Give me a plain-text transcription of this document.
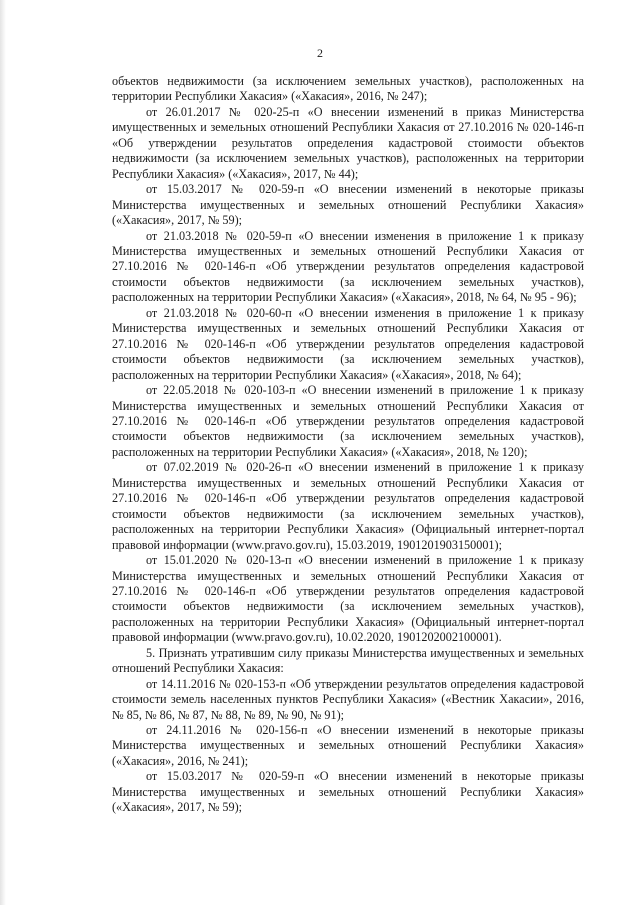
2

объектов недвижимости (за исключением земельных участков), расположенных на территории Республики Хакасия» («Хакасия», 2016, № 247);

от 26.01.2017 № 020-25-п «О внесении изменений в приказ Министерства имущественных и земельных отношений Республики Хакасия от 27.10.2016 № 020-146-п «Об утверждении результатов определения кадастровой стоимости объектов недвижимости (за исключением земельных участков), расположенных на территории Республики Хакасия» («Хакасия», 2017, № 44);

от 15.03.2017 № 020-59-п «О внесении изменений в некоторые приказы Министерства имущественных и земельных отношений Республики Хакасия» («Хакасия», 2017, № 59);

от 21.03.2018 № 020-59-п «О внесении изменения в приложение 1 к приказу Министерства имущественных и земельных отношений Республики Хакасия от 27.10.2016 № 020-146-п «Об утверждении результатов определения кадастровой стоимости объектов недвижимости (за исключением земельных участков), расположенных на территории Республики Хакасия» («Хакасия», 2018, № 64, № 95 - 96);

от 21.03.2018 № 020-60-п «О внесении изменения в приложение 1 к приказу Министерства имущественных и земельных отношений Республики Хакасия от 27.10.2016 № 020-146-п «Об утверждении результатов определения кадастровой стоимости объектов недвижимости (за исключением земельных участков), расположенных на территории Республики Хакасия» («Хакасия», 2018, № 64);

от 22.05.2018 № 020-103-п «О внесении изменений в приложение 1 к приказу Министерства имущественных и земельных отношений Республики Хакасия от 27.10.2016 № 020-146-п «Об утверждении результатов определения кадастровой стоимости объектов недвижимости (за исключением земельных участков), расположенных на территории Республики Хакасия» («Хакасия», 2018, № 120);

от 07.02.2019 № 020-26-п «О внесении изменений в приложение 1 к приказу Министерства имущественных и земельных отношений Республики Хакасия от 27.10.2016 № 020-146-п «Об утверждении результатов определения кадастровой стоимости объектов недвижимости (за исключением земельных участков), расположенных на территории Республики Хакасия» (Официальный интернет-портал правовой информации (www.pravo.gov.ru), 15.03.2019, 1901201903150001);

от 15.01.2020 № 020-13-п «О внесении изменений в приложение 1 к приказу Министерства имущественных и земельных отношений Республики Хакасия от 27.10.2016 № 020-146-п «Об утверждении результатов определения кадастровой стоимости объектов недвижимости (за исключением земельных участков), расположенных на территории Республики Хакасия» (Официальный интернет-портал правовой информации (www.pravo.gov.ru), 10.02.2020, 1901202002100001).

5. Признать утратившим силу приказы Министерства имущественных и земельных отношений Республики Хакасия:

от 14.11.2016 № 020-153-п «Об утверждении результатов определения кадастровой стоимости земель населенных пунктов Республики Хакасия» («Вестник Хакасии», 2016, № 85, № 86, № 87, № 88, № 89, № 90, № 91);

от 24.11.2016 № 020-156-п «О внесении изменений в некоторые приказы Министерства имущественных и земельных отношений Республики Хакасия» («Хакасия», 2016, № 241);

от 15.03.2017 № 020-59-п «О внесении изменений в некоторые приказы Министерства имущественных и земельных отношений Республики Хакасия» («Хакасия», 2017, № 59);
